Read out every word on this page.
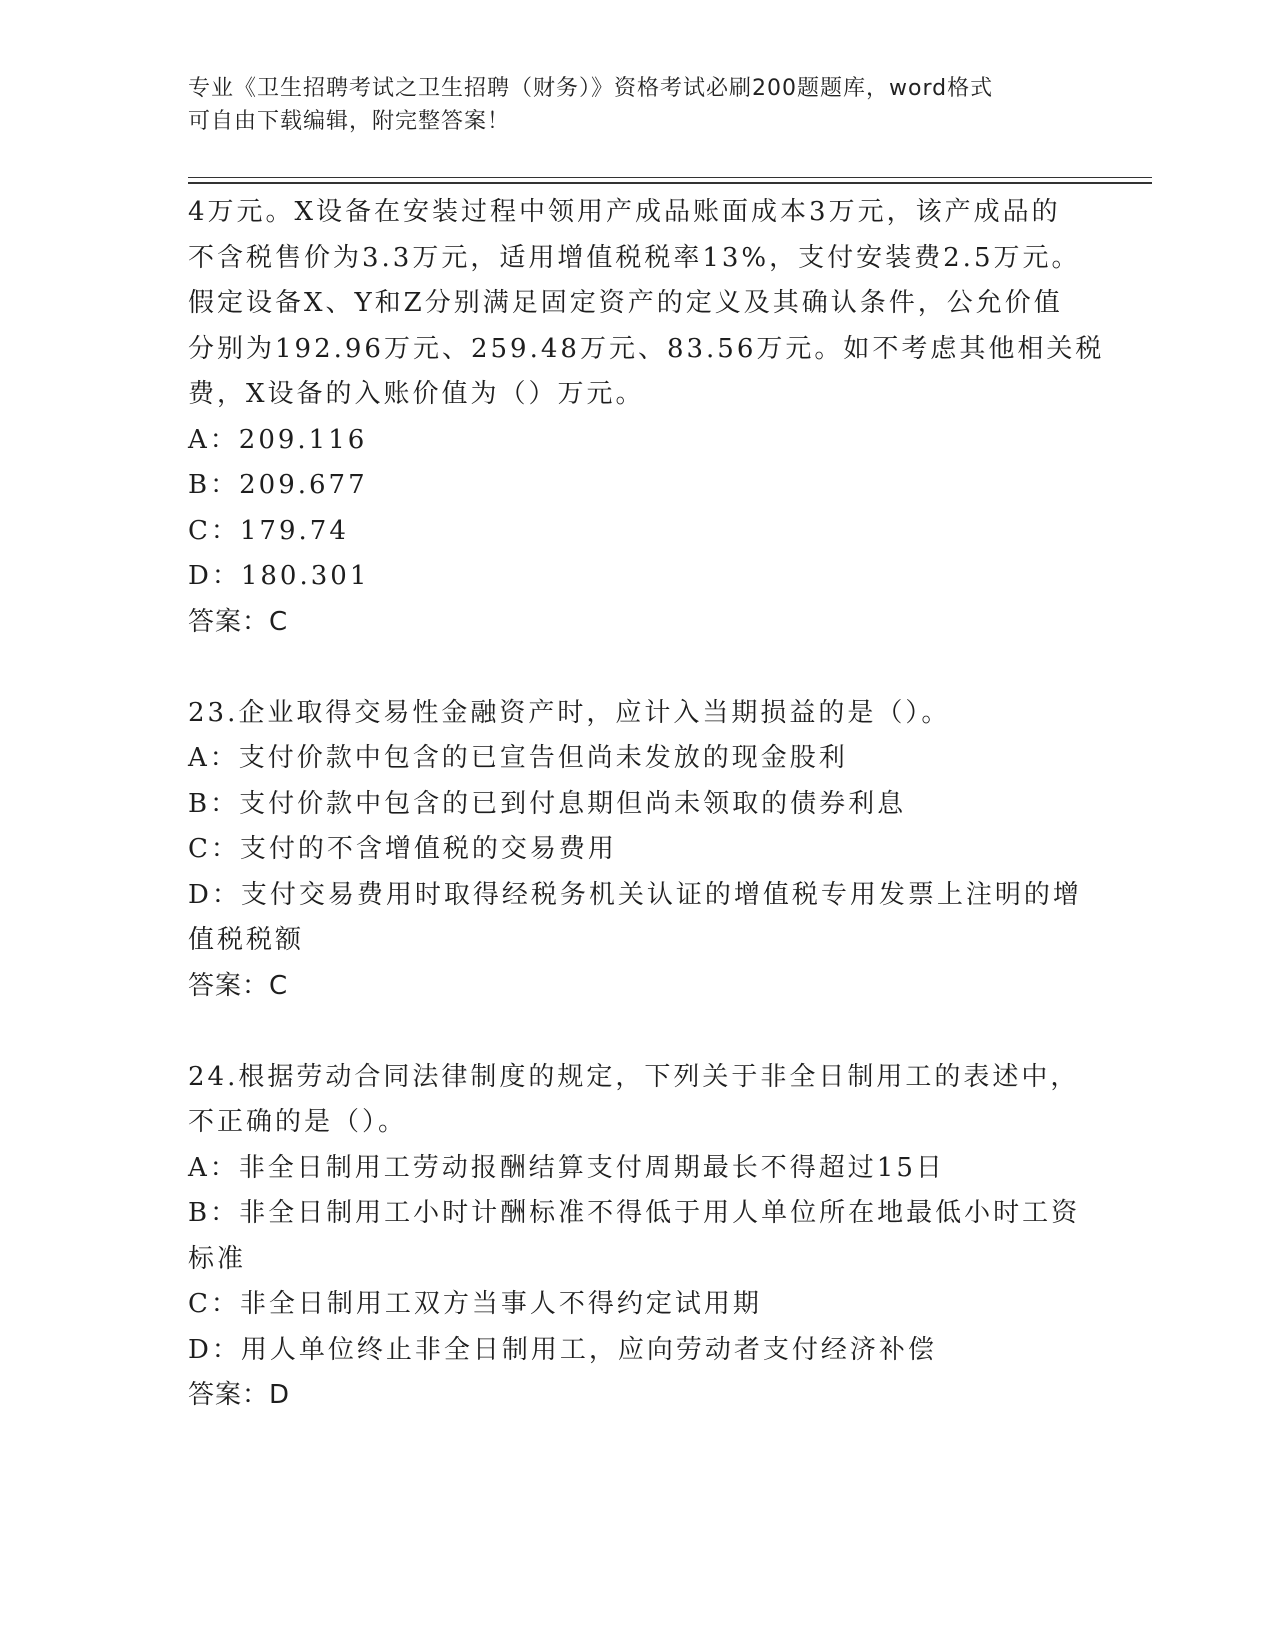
专业《卫生招聘考试之卫生招聘（财务）》资格考试必刷200题题库，word格式
可自由下载编辑，附完整答案！
4万元。X设备在安装过程中领用产成品账面成本3万元，该产成品的
不含税售价为3.3万元，适用增值税税率13%，支付安装费2.5万元。
假定设备X、Y和Z分别满足固定资产的定义及其确认条件，公允价值
分别为192.96万元、259.48万元、83.56万元。如不考虑其他相关税
费，X设备的入账价值为（）万元。
A：209.116
B：209.677
C：179.74
D：180.301
答案：C
23.企业取得交易性金融资产时，应计入当期损益的是（）。
A：支付价款中包含的已宣告但尚未发放的现金股利
B：支付价款中包含的已到付息期但尚未领取的债券利息
C：支付的不含增值税的交易费用
D：支付交易费用时取得经税务机关认证的增值税专用发票上注明的增
值税税额
答案：C
24.根据劳动合同法律制度的规定，下列关于非全日制用工的表述中，
不正确的是（）。
A：非全日制用工劳动报酬结算支付周期最长不得超过15日
B：非全日制用工小时计酬标准不得低于用人单位所在地最低小时工资
标准
C：非全日制用工双方当事人不得约定试用期
D：用人单位终止非全日制用工，应向劳动者支付经济补偿
答案：D
